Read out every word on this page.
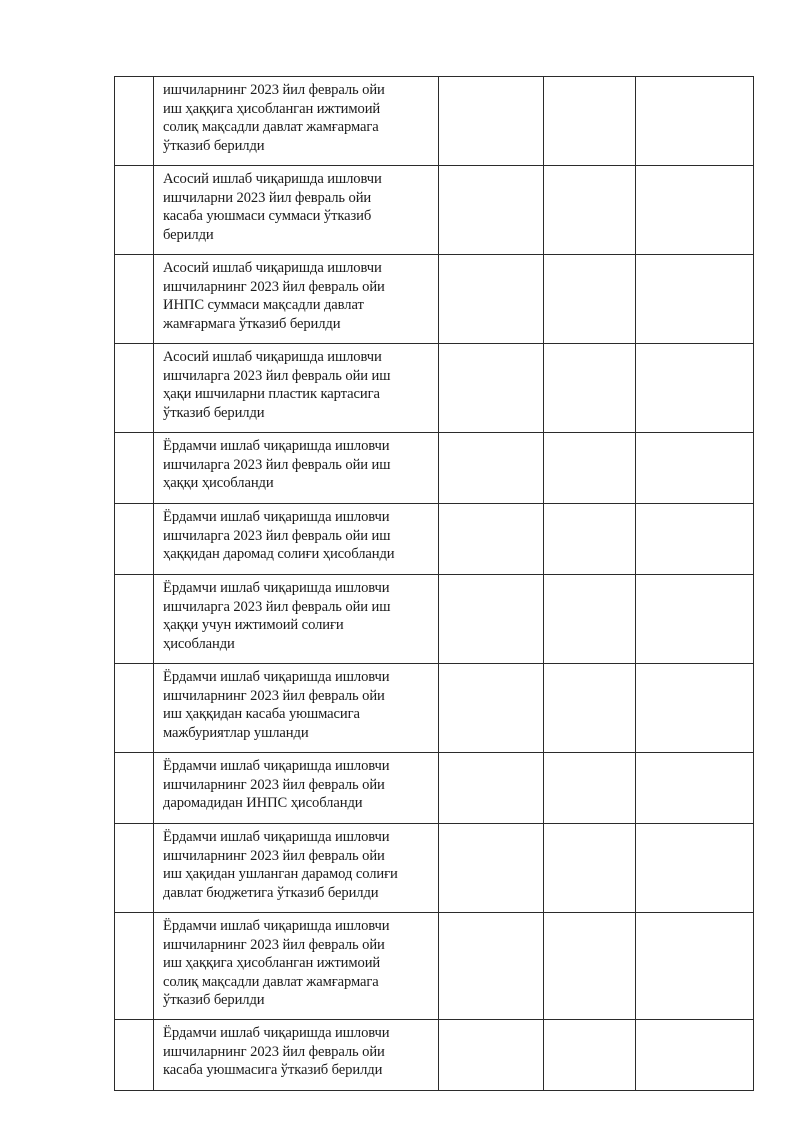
	ишчиларнинг 2023 йил февраль ойи
иш ҳаққига ҳисобланган ижтимоий
солиқ мақсадли давлат жамғармага
ўтказиб берилди			
	Асосий ишлаб чиқаришда ишловчи
ишчиларни 2023 йил февраль ойи
касаба уюшмаси суммаси ўтказиб
берилди			
	Асосий ишлаб чиқаришда ишловчи
ишчиларнинг 2023 йил февраль ойи
ИНПС суммаси мақсадли давлат
жамғармага ўтказиб берилди			
	Асосий ишлаб чиқаришда ишловчи
ишчиларга 2023 йил февраль ойи иш
ҳақи ишчиларни пластик картасига
ўтказиб берилди			
	Ёрдамчи ишлаб чиқаришда ишловчи
ишчиларга 2023 йил февраль ойи иш
ҳаққи ҳисобланди			
	Ёрдамчи ишлаб чиқаришда ишловчи
ишчиларга 2023 йил февраль ойи иш
ҳаққидан даромад солиғи ҳисобланди			
	Ёрдамчи ишлаб чиқаришда ишловчи
ишчиларга 2023 йил февраль ойи иш
ҳаққи учун ижтимоий солиғи
ҳисобланди			
	Ёрдамчи ишлаб чиқаришда ишловчи
ишчиларнинг 2023 йил февраль ойи
иш ҳаққидан касаба уюшмасига
мажбуриятлар ушланди			
	Ёрдамчи ишлаб чиқаришда ишловчи
ишчиларнинг 2023 йил февраль ойи
даромадидан ИНПС ҳисобланди			
	Ёрдамчи ишлаб чиқаришда ишловчи
ишчиларнинг 2023 йил февраль ойи
иш ҳақидан ушланган дарамод солиғи
давлат бюджетига ўтказиб берилди			
	Ёрдамчи ишлаб чиқаришда ишловчи
ишчиларнинг 2023 йил февраль ойи
иш ҳаққига ҳисобланган ижтимоий
солиқ мақсадли давлат жамғармага
ўтказиб берилди			
	Ёрдамчи ишлаб чиқаришда ишловчи
ишчиларнинг 2023 йил февраль ойи
касаба уюшмасига ўтказиб берилди			
